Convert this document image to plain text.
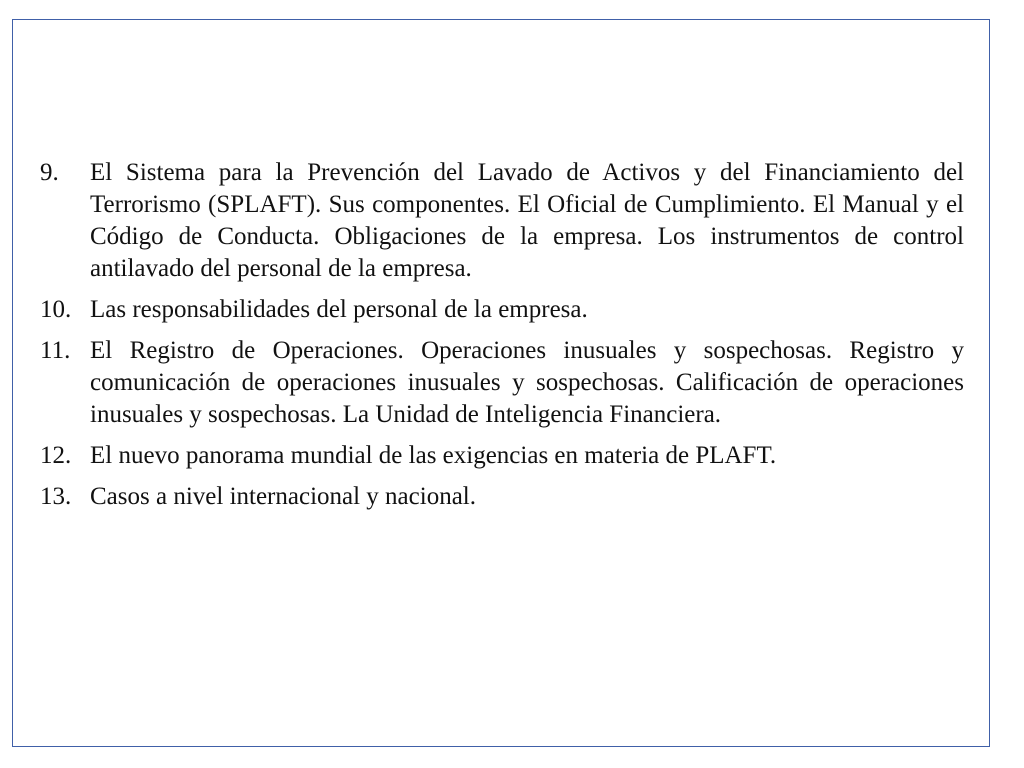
9.	El Sistema para la Prevención del Lavado de Activos y del Financiamiento del Terrorismo (SPLAFT). Sus componentes. El Oficial de Cumplimiento. El Manual y el Código de Conducta. Obligaciones de la empresa. Los instrumentos de control antilavado del personal de la empresa.
10. Las responsabilidades del personal de la empresa.
11. El Registro de Operaciones. Operaciones inusuales y sospechosas. Registro y comunicación de operaciones inusuales y sospechosas. Calificación de operaciones inusuales y sospechosas. La Unidad de Inteligencia Financiera.
12. El nuevo panorama mundial de las exigencias en materia de PLAFT.
13. Casos a nivel internacional y nacional.
